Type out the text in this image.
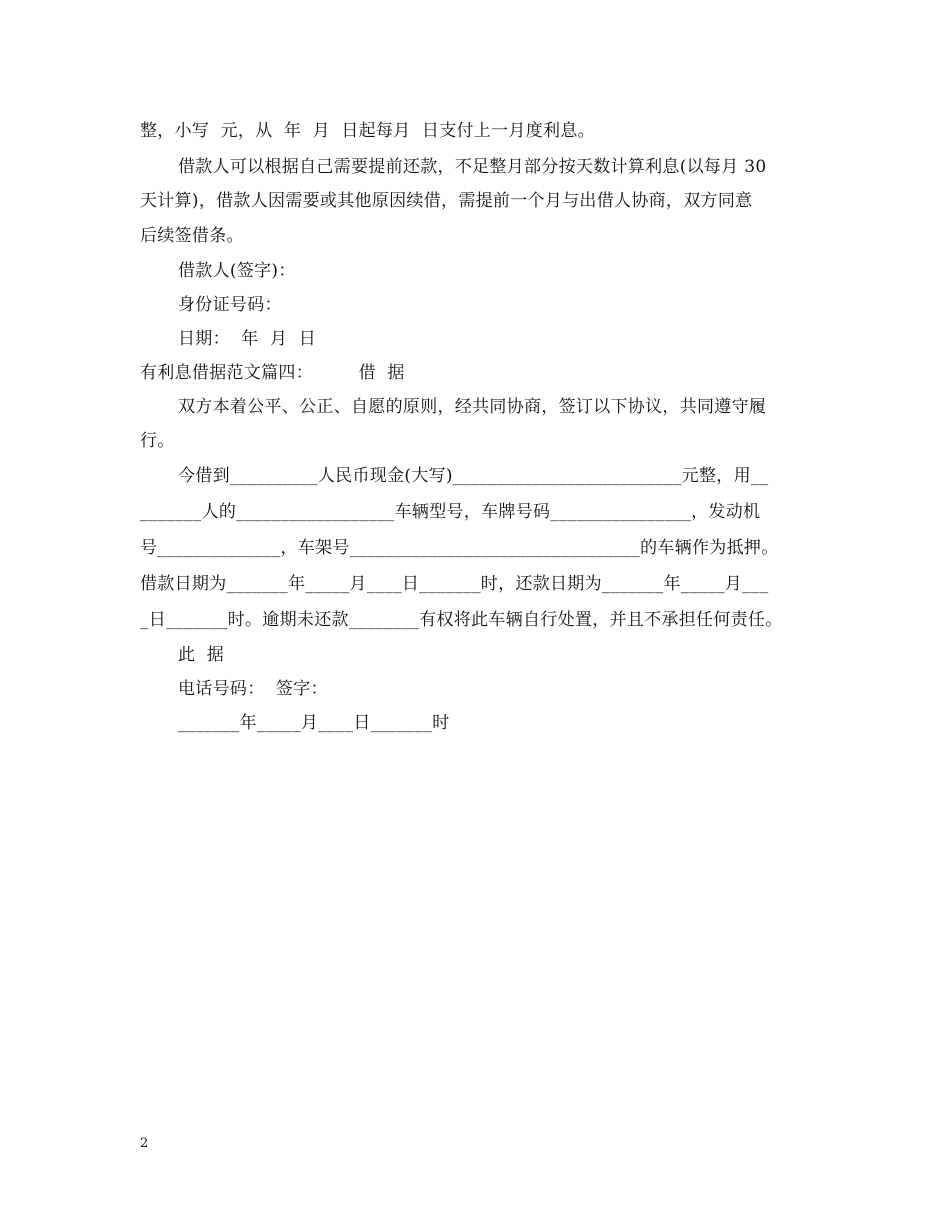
整，小写  元，从  年  月  日起每月  日支付上一月度利息。
借款人可以根据自己需要提前还款，不足整月部分按天数计算利息(以每月 30
天计算)，借款人因需要或其他原因续借，需提前一个月与出借人协商，双方同意
后续签借条。
借款人(签字)：
身份证号码：
日期：  年  月  日
有利息借据范文篇四：        借  据
双方本着公平、公正、自愿的原则，经共同协商，签订以下协议，共同遵守履
行。
今借到__________人民币现金(大写)__________________________元整，用__
_______人的__________________车辆型号，车牌号码________________，发动机
号______________，车架号_________________________________的车辆作为抵押。
借款日期为_______年_____月____日_______时，还款日期为_______年_____月___
_日_______时。逾期未还款________有权将此车辆自行处置，并且不承担任何责任。
此  据
电话号码：  签字：
_______年_____月____日_______时
2
